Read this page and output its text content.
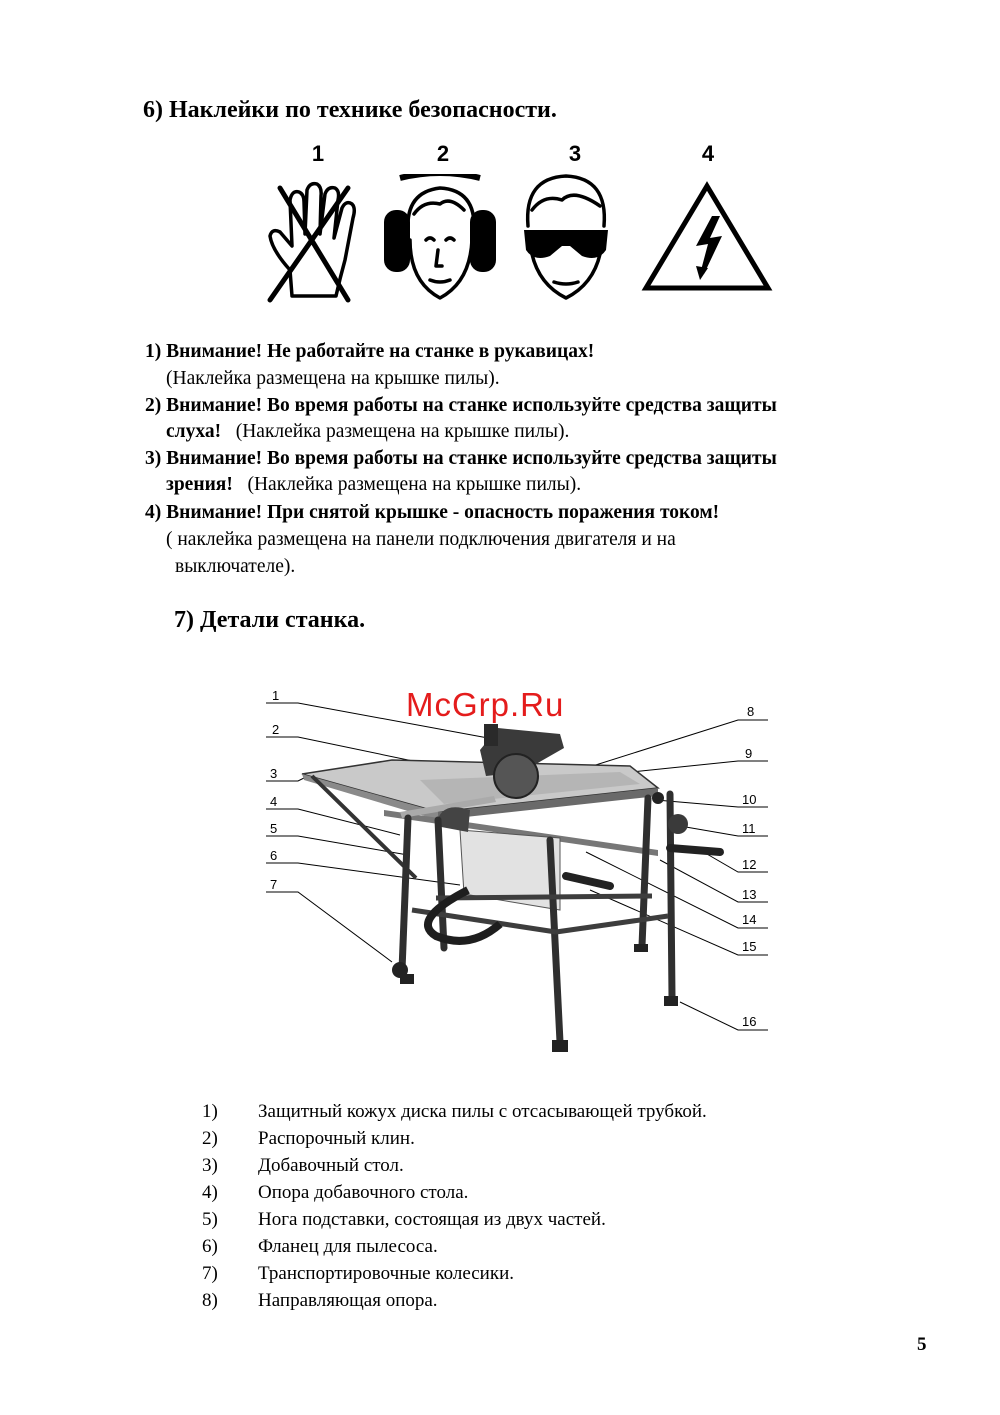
6) Наклейки по технике безопасности.
1	2	3	4
1) Внимание! Не работайте на станке в рукавицах!
(Наклейка размещена на крышке пилы).
2) Внимание! Во время работы на станке используйте средства защиты
слуха! (Наклейка размещена на крышке пилы).
3) Внимание! Во время работы на станке используйте средства защиты
зрения! (Наклейка размещена на крышке пилы).
4) Внимание! При снятой крышке - опасность поражения током!
( наклейка размещена на панели подключения двигателя и на
выключателе).
7) Детали станка.
McGrp.Ru
1
2
3
4
5
6
7
8
9
10
11
12
13
14
15
16
1)	Защитный кожух диска пилы с отсасывающей трубкой.
2)	Распорочный клин.
3)	Добавочный стол.
4)	Опора добавочного стола.
5)	Нога подставки, состоящая из двух частей.
6)	Фланец для пылесоса.
7)	Транспортировочные колесики.
8)	Направляющая опора.
5
